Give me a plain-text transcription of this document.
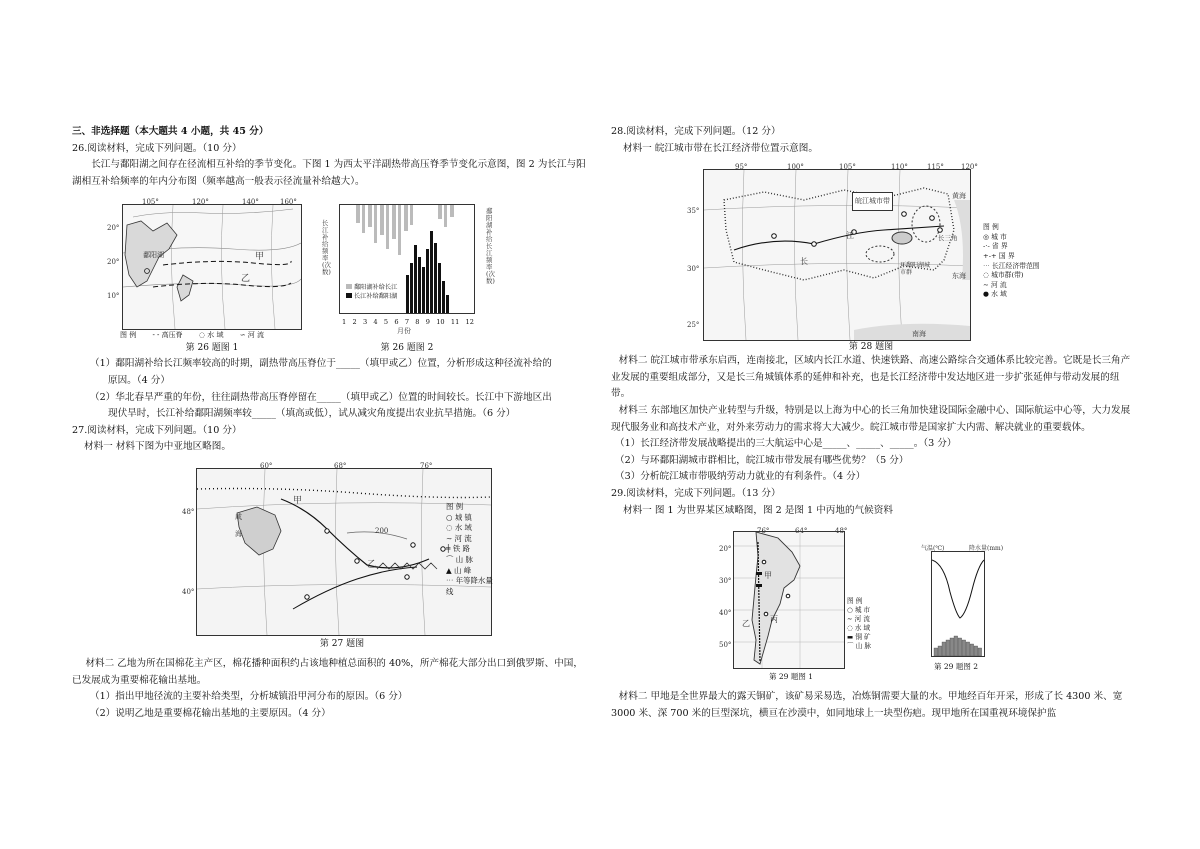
三、非选择题（本大题共 4 小题，共 45 分）

26.阅读材料，完成下列问题。（10 分）

长江与鄱阳湖之间存在径流相互补给的季节变化。下图 1 为西太平洋副热带高压脊季节变化示意图，图 2 为长江与阳湖相互补给频率的年内分布图（频率越高一般表示径流量补给越大）。

鄱阳湖	甲
乙
105°	120°	140°	160°
20°
20°
10°
图 例 - - 高压脊 ◌ 水 域 ∽ 河 流
第 26 题图 1
鄱阳湖补给长江
长江补给鄱阳湖
长江补给频率(次数)
鄱阳湖补给长江频率(次数)
1 2 3 4 5 6 7 8 9 10 11 12
月份
第 26 题图 2

（1）鄱阳湖补给长江频率较高的时期，副热带高压脊位于_____（填甲或乙）位置，分析形成这种径流补给的

原因。（4 分）

（2）华北春旱严重的年份，往往副热带高压脊停留在_____（填甲或乙）位置的时间较长。长江中下游地区出

现伏旱时，长江补给鄱阳湖频率较_____（填高或低），试从减灾角度提出农业抗旱措施。（6 分）

27.阅读材料，完成下列问题。（10 分）

材料一 材料下图为中亚地区略图。

甲
咸海
乙
200
60°	68°	76°
48°
40°
图 例
○ 城 镇
◌ 水 域
∼ 河 流
╪ 铁 路
⌒ 山 脉
▲ 山 峰
⋯ 年等降水量线
第 27 题图

材料二 乙地为所在国棉花主产区，棉花播种面积约占该地种植总面积的 40%，所产棉花大部分出口到俄罗斯、中国，已发展成为重要棉花输出基地。

（1）指出甲地径流的主要补给类型，分析城镇沿甲河分布的原因。（6 分）

（2）说明乙地是重要棉花输出基地的主要原因。（4 分）

28.阅读材料，完成下列问题。（12 分）

材料一 皖江城市带在长江经济带位置示意图。

皖江城市带
黄海
长三角
江
长
东海
环鄱阳湖城市群
南海
95°	100°	105°	110°	115° 120°
35°
30°
25°
图 例
◎ 城 市
-·- 省 界
+-+ 国 界
⋯ 长江经济带范围
◌ 城市群(带)
∼ 河 流
● 水 域
第 28 题图

材料二 皖江城市带承东启西，连南接北，区域内长江水道、快速铁路、高速公路综合交通体系比较完善。它既是长三角产业发展的重要组成部分，又是长三角城镇体系的延伸和补充，也是长江经济带中发达地区进一步扩张延伸与带动发展的纽带。

材料三 东部地区加快产业转型与升级，特别是以上海为中心的长三角加快建设国际金融中心、国际航运中心等，大力发展现代服务业和高技术产业，对外来劳动力的需求将大大减少。皖江城市带是国家扩大内需、解决就业的重要载体。

（1）长江经济带发展战略提出的三大航运中心是_____、_____、_____。（3 分）

（2）与环鄱阳湖城市群相比，皖江城市带发展有哪些优势？（5 分）

（3）分析皖江城市带吸纳劳动力就业的有利条件。（4 分）

29.阅读材料，完成下列问题。（13 分）

材料一 图 1 为世界某区域略图，图 2 是图 1 中丙地的气候资料

甲
乙	丙
76°	64°	48°
20°
30°
40°
50°
图 例
○ 城 市
∼ 河 流
◌ 水 域
▬ 铜 矿
⌒ 山 脉
第 29 题图 1
气温(℃)	降水量(mm)
第 29 题图 2

材料二 甲地是全世界最大的露天铜矿，该矿易采易选，冶炼铜需要大量的水。甲地经百年开采，形成了长 4300 米、宽 3000 米、深 700 米的巨型深坑，横亘在沙漠中，如同地球上一块型伤疤。现甲地所在国重视环境保护监
